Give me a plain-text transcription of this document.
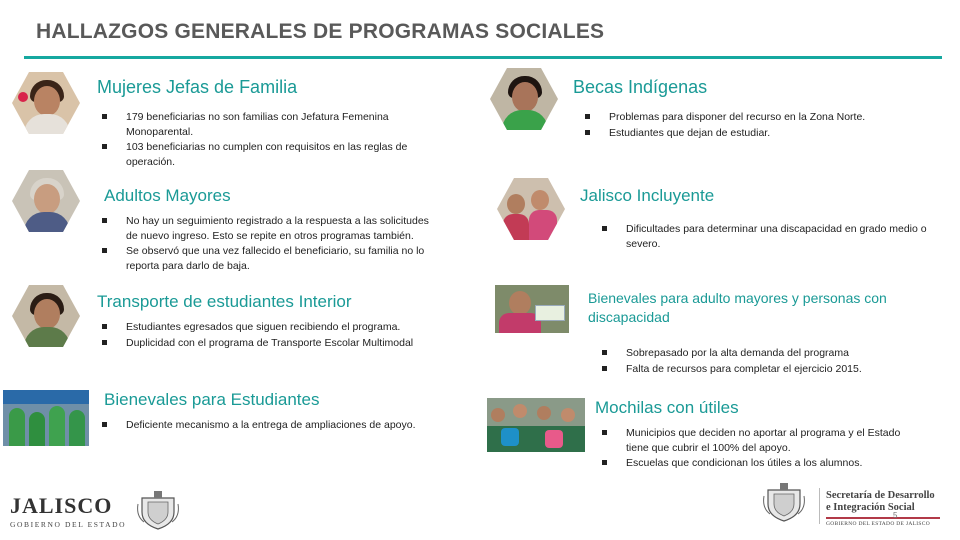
HALLAZGOS GENERALES DE PROGRAMAS SOCIALES
Mujeres Jefas de Familia
179 beneficiarias no son familias con Jefatura Femenina Monoparental.
103 beneficiarias no cumplen con requisitos en las reglas de operación.
Adultos Mayores
No hay un seguimiento registrado a la respuesta a las solicitudes de nuevo ingreso. Esto se repite en otros programas también.
Se observó que una vez fallecido el beneficiario, su familia no lo reporta para darlo de baja.
Transporte de estudiantes Interior
Estudiantes egresados que siguen recibiendo el programa.
Duplicidad con el programa de Transporte Escolar Multimodal
Bienevales para Estudiantes
Deficiente mecanismo a la entrega de ampliaciones de apoyo.
Becas Indígenas
Problemas para disponer del recurso en la Zona Norte.
Estudiantes que dejan de estudiar.
Jalisco Incluyente
Dificultades para determinar una discapacidad en grado medio o severo.
Bienevales para adulto mayores y personas con discapacidad
Sobrepasado por la alta demanda del programa
Falta de recursos para completar el ejercicio 2015.
Mochilas con útiles
Municipios que deciden no aportar al programa y el Estado tiene que cubrir el 100% del apoyo.
Escuelas que condicionan los útiles a los alumnos.
JALISCO
GOBIERNO DEL ESTADO
Secretaría de Desarrollo
e Integración Social
GOBIERNO DEL ESTADO DE JALISCO
5
